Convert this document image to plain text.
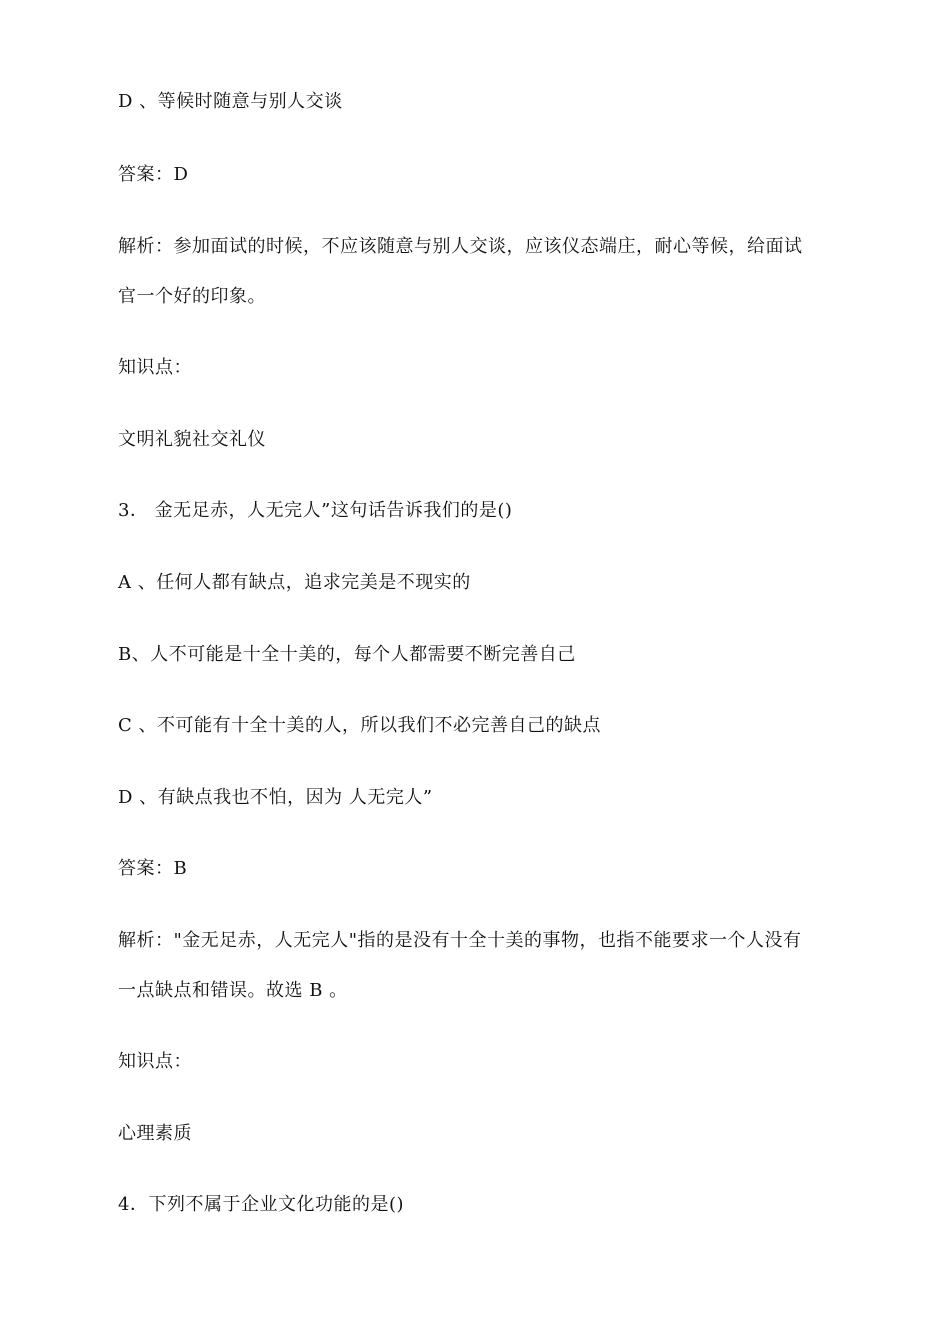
D 、等候时随意与别人交谈
答案：D
解析：参加面试的时候，不应该随意与别人交谈，应该仪态端庄，耐心等候，给面试
官一个好的印象。
知识点：
文明礼貌社交礼仪
3． 金无足赤，人无完人”这句话告诉我们的是()
A 、任何人都有缺点，追求完美是不现实的
B、人不可能是十全十美的，每个人都需要不断完善自己
C 、不可能有十全十美的人，所以我们不必完善自己的缺点
D 、有缺点我也不怕，因为 人无完人”
答案：B
解析："金无足赤，人无完人"指的是没有十全十美的事物，也指不能要求一个人没有
一点缺点和错误。故选 B 。
知识点：
心理素质
4．下列不属于企业文化功能的是()
